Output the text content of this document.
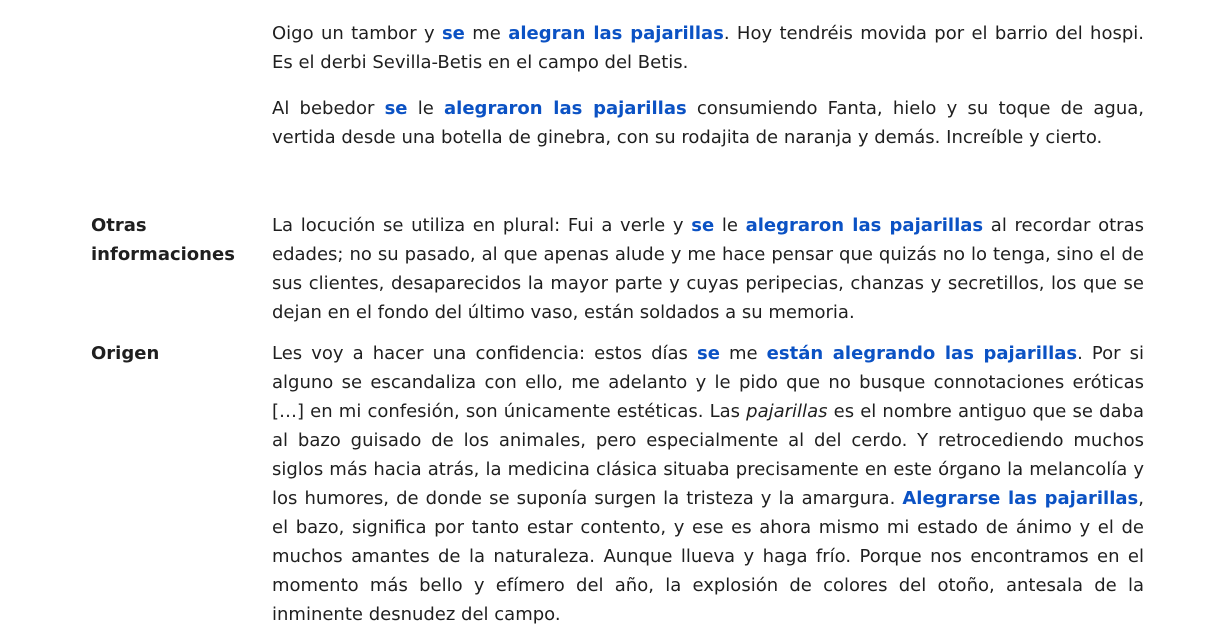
Oigo un tambor y se me alegran las pajarillas. Hoy tendréis movida por el barrio del hospi. Es el derbi Sevilla-Betis en el campo del Betis.

Al bebedor se le alegraron las pajarillas consumiendo Fanta, hielo y su toque de agua, vertida desde una botella de ginebra, con su rodajita de naranja y demás. Increíble y cierto.

Otras informaciones

La locución se utiliza en plural: Fui a verle y se le alegraron las pajarillas al recordar otras edades; no su pasado, al que apenas alude y me hace pensar que quizás no lo tenga, sino el de sus clientes, desaparecidos la mayor parte y cuyas peripecias, chanzas y secretillos, los que se dejan en el fondo del último vaso, están soldados a su memoria.

Origen	Les voy a hacer una confidencia: estos días se me están alegrando las pajarillas. Por si alguno se escandaliza con ello, me adelanto y le pido que no busque connotaciones eróticas […] en mi confesión, son únicamente estéticas. Las pajarillas es el nombre antiguo que se daba al bazo guisado de los animales, pero especialmente al del cerdo. Y retrocediendo muchos siglos más hacia atrás, la medicina clásica situaba precisamente en este órgano la melancolía y los humores, de donde se suponía surgen la tristeza y la amargura. Alegrarse las pajarillas, el bazo, significa por tanto estar contento, y ese es ahora mismo mi estado de ánimo y el de muchos amantes de la naturaleza. Aunque llueva y haga frío. Porque nos encontramos en el momento más bello y efímero del año, la explosión de colores del otoño, antesala de la inminente desnudez del campo.
